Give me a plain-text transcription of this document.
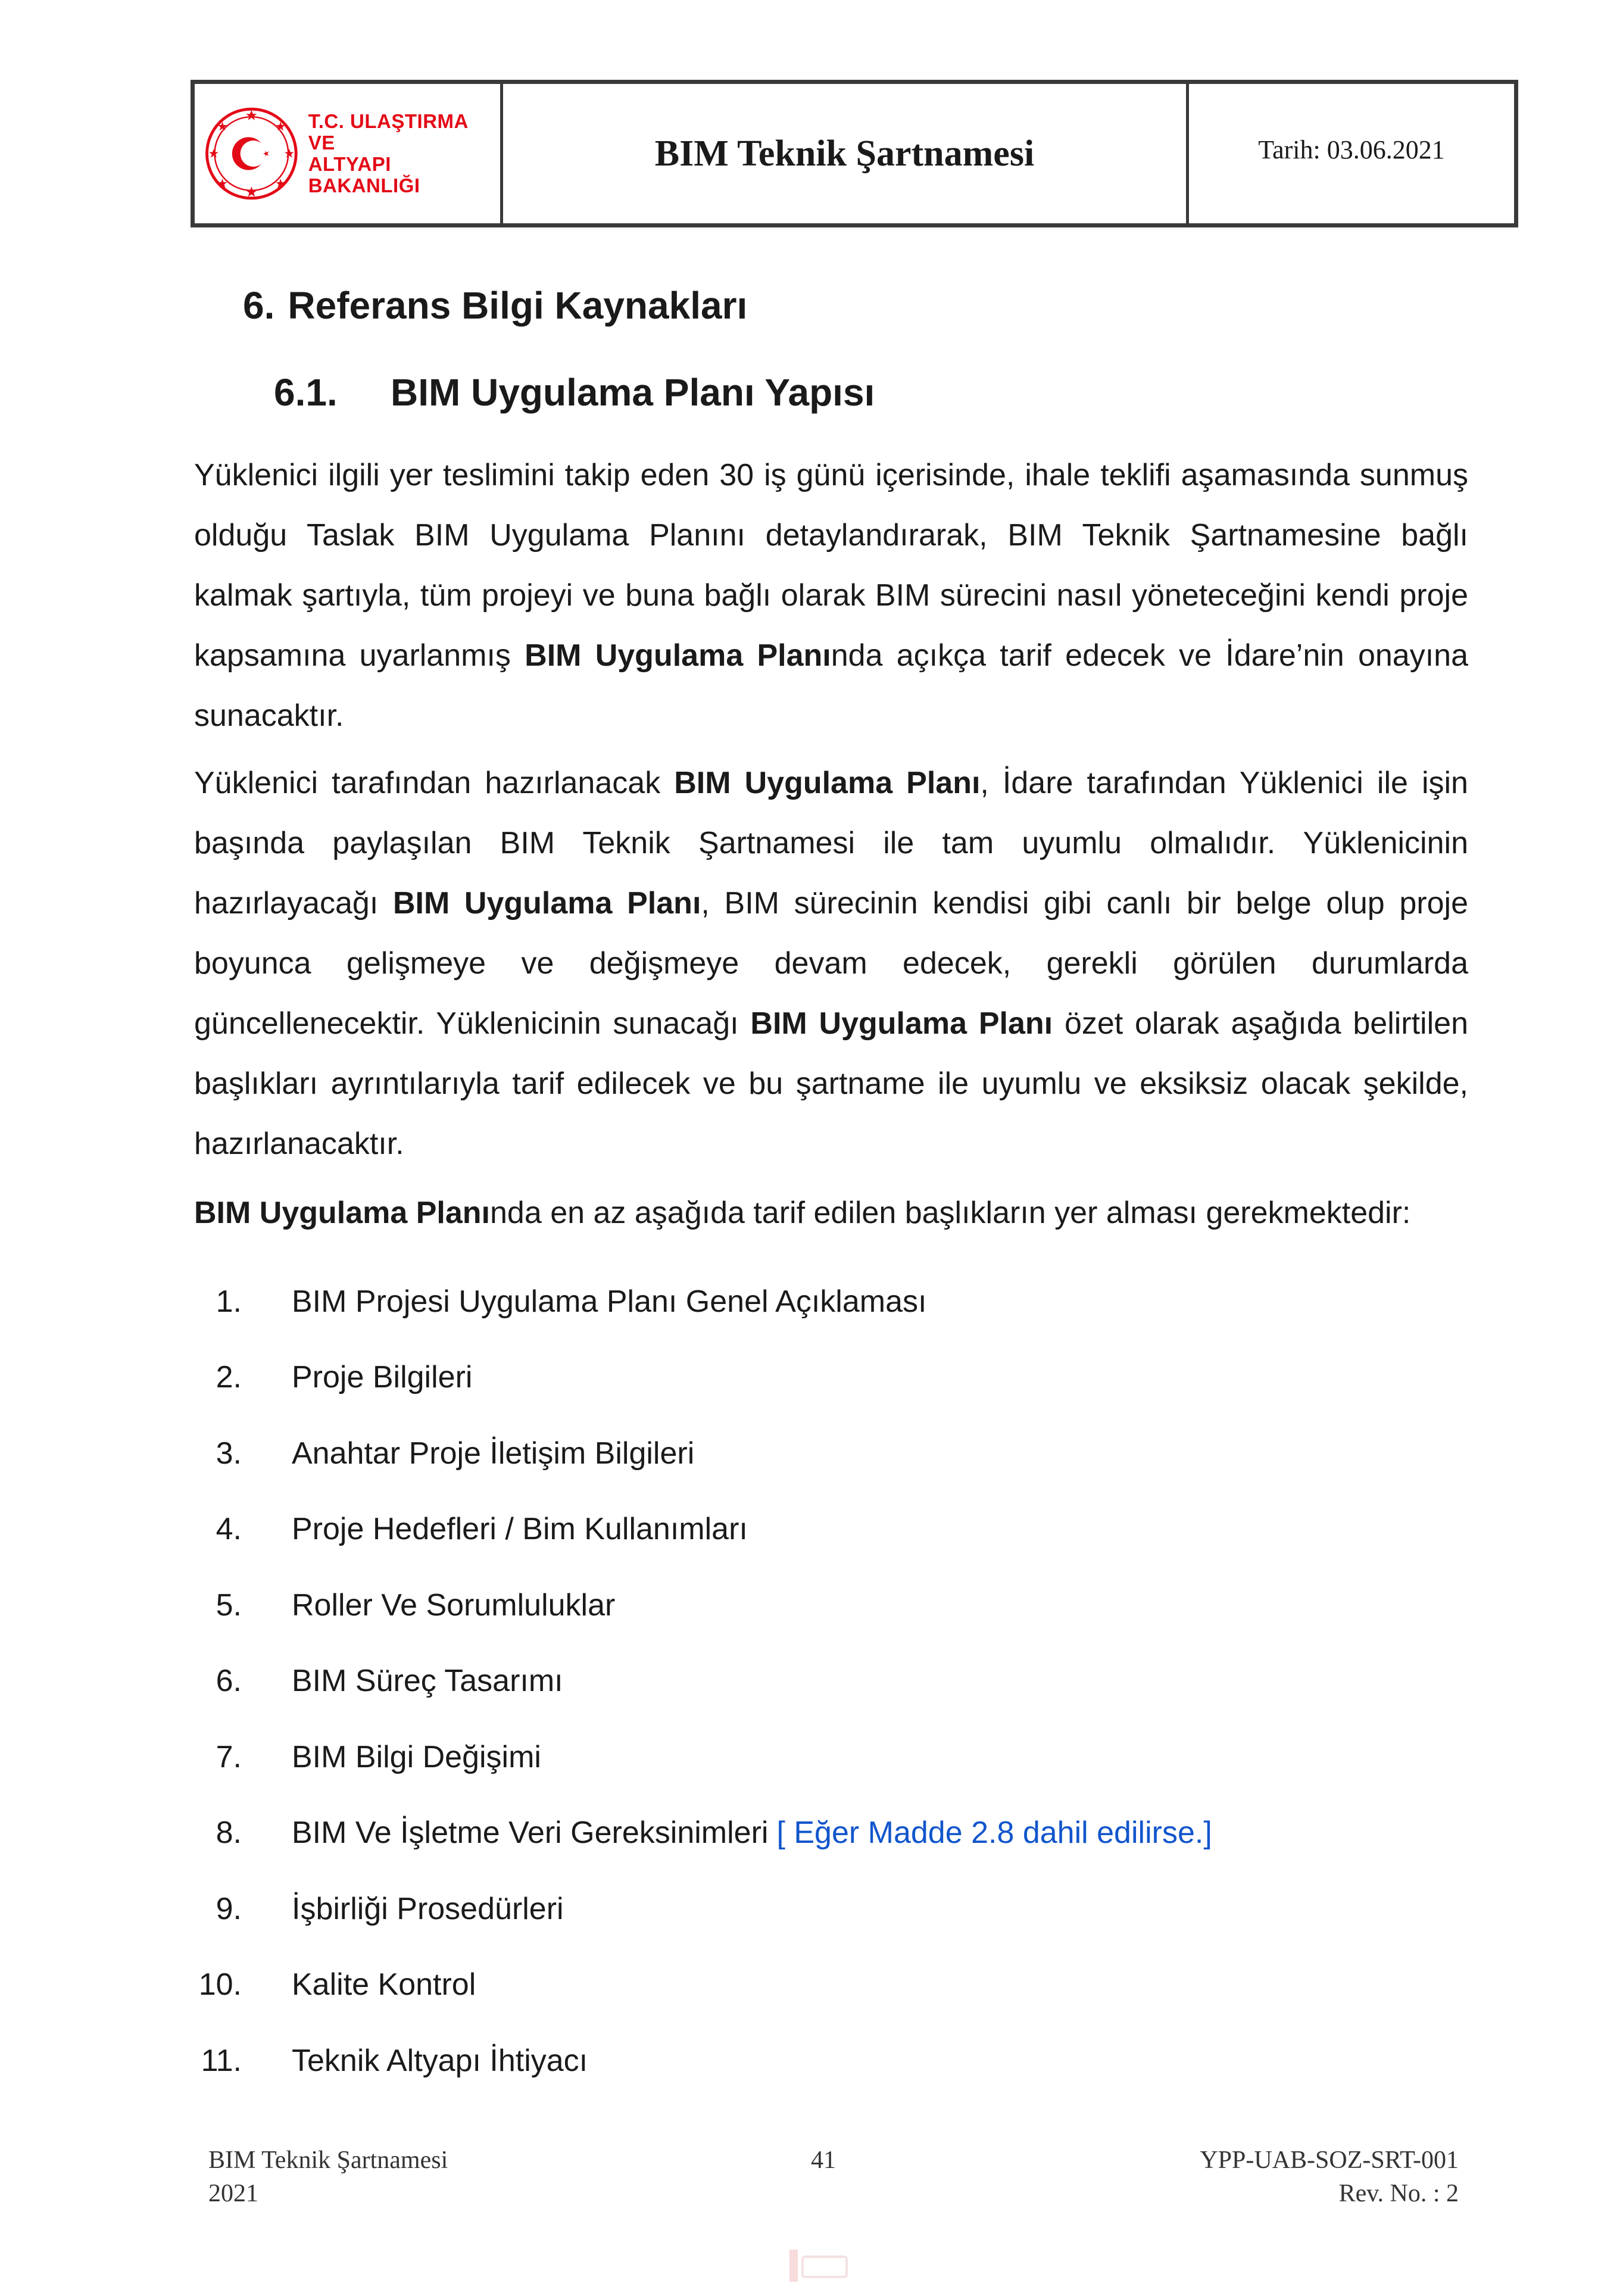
T.C. ULAŞTIRMA VE
ALTYAPI BAKANLIĞI
BIM Teknik Şartnamesi	Tarih: 03.06.2021
6. Referans Bilgi Kaynakları
6.1. BIM Uygulama Planı Yapısı

Yüklenici ilgili yer teslimini takip eden 30 iş günü içerisinde, ihale teklifi aşamasında sunmuş olduğu Taslak BIM Uygulama Planını detaylandırarak, BIM Teknik Şartnamesine bağlı kalmak şartıyla, tüm projeyi ve buna bağlı olarak BIM sürecini nasıl yöneteceğini kendi proje kapsamına uyarlanmış BIM Uygulama Planında açıkça tarif edecek ve İdare’nin onayına sunacaktır.

Yüklenici tarafından hazırlanacak BIM Uygulama Planı, İdare tarafından Yüklenici ile işin başında paylaşılan BIM Teknik Şartnamesi ile tam uyumlu olmalıdır. Yüklenicinin hazırlayacağı BIM Uygulama Planı, BIM sürecinin kendisi gibi canlı bir belge olup proje boyunca gelişmeye ve değişmeye devam edecek, gerekli görülen durumlarda güncellenecektir. Yüklenicinin sunacağı BIM Uygulama Planı özet olarak aşağıda belirtilen başlıkları ayrıntılarıyla tarif edilecek ve bu şartname ile uyumlu ve eksiksiz olacak şekilde, hazırlanacaktır.

BIM Uygulama Planında en az aşağıda tarif edilen başlıkların yer alması gerekmektedir:

1. BIM Projesi Uygulama Planı Genel Açıklaması
2. Proje Bilgileri
3. Anahtar Proje İletişim Bilgileri
4. Proje Hedefleri / Bim Kullanımları
5. Roller Ve Sorumluluklar
6. BIM Süreç Tasarımı
7. BIM Bilgi Değişimi
8. BIM Ve İşletme Veri Gereksinimleri [ Eğer Madde 2.8 dahil edilirse.]
9. İşbirliği Prosedürleri
10. Kalite Kontrol
11. Teknik Altyapı İhtiyacı
BIM Teknik Şartnamesi
2021
41	YPP-UAB-SOZ-SRT-001
Rev. No. : 2
